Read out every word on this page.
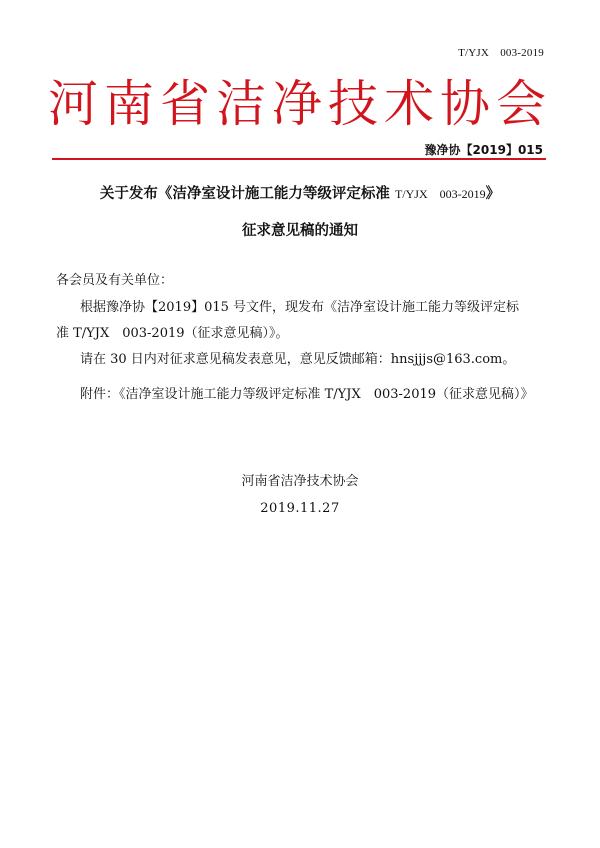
T/YJX　003-2019
河南省洁净技术协会
豫净协【2019】015
关于发布《洁净室设计施工能力等级评定标准 T/YJX　003-2019》
征求意见稿的通知
各会员及有关单位：
根据豫净协【2019】015 号文件，现发布《洁净室设计施工能力等级评定标
准 T/YJX　003-2019（征求意见稿）》。
请在 30 日内对征求意见稿发表意见，意见反馈邮箱：hnsjjjs@163.com。
附件：《洁净室设计施工能力等级评定标准 T/YJX　003-2019（征求意见稿）》
河南省洁净技术协会
2019.11.27
